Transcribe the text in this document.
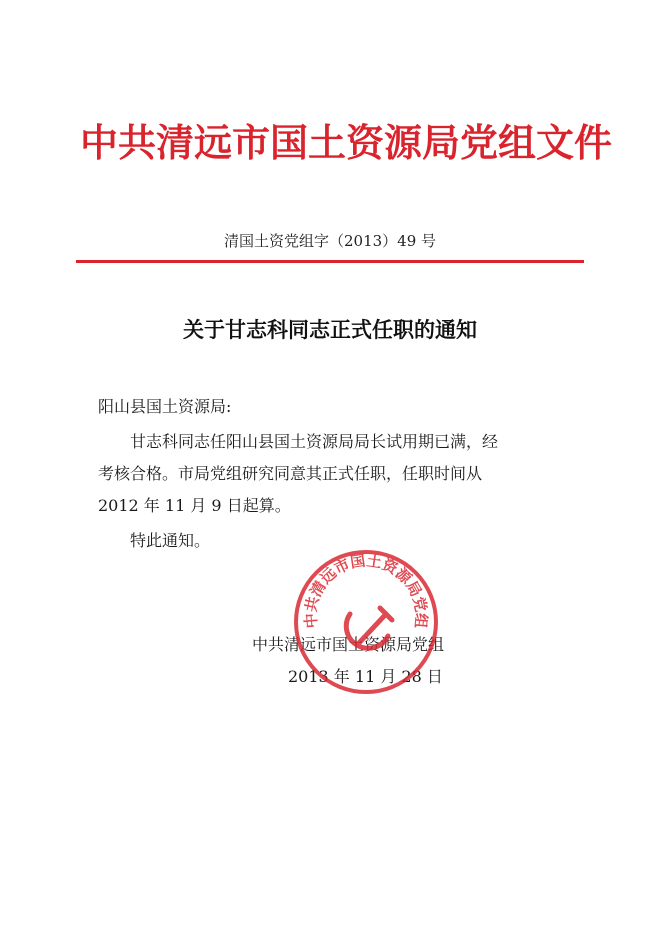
中共清远市国土资源局党组文件
清国土资党组字（2013）49 号
关于甘志科同志正式任职的通知
阳山县国土资源局:
甘志科同志任阳山县国土资源局局长试用期已满，经
考核合格。市局党组研究同意其正式任职，任职时间从
2012 年 11 月 9 日起算。
特此通知。
中共清远市国土资源局党组
2013 年 11 月 28 日
中共清远市国土资源局党组
